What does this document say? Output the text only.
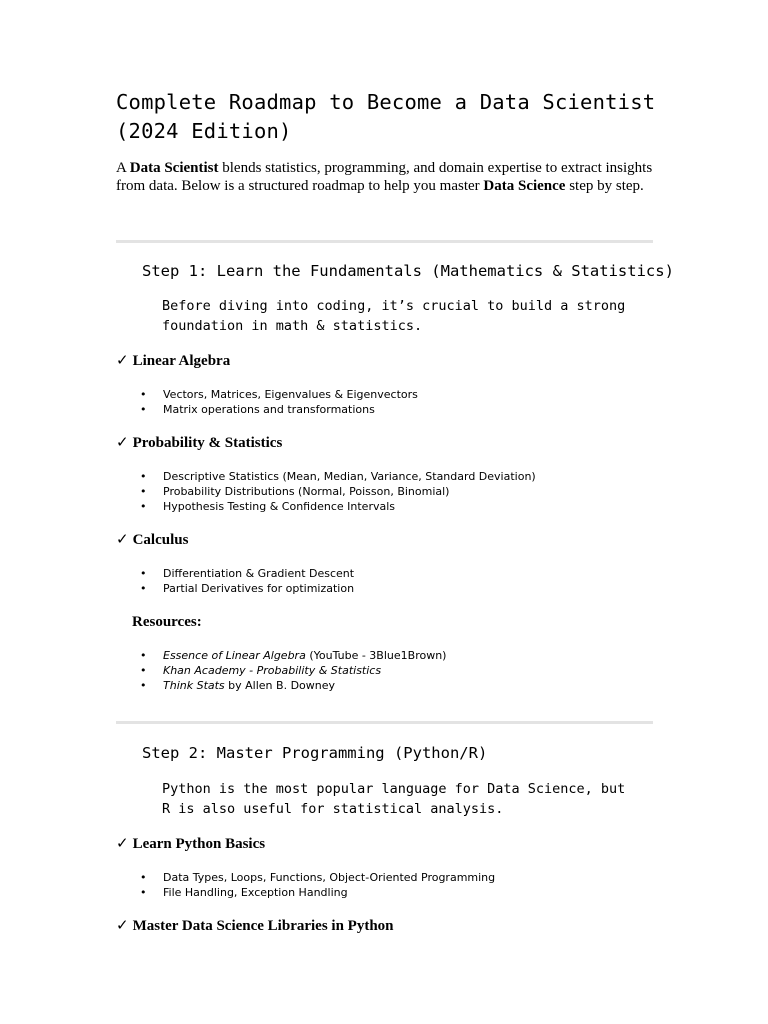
Complete Roadmap to Become a Data Scientist
(2024 Edition)

A Data Scientist blends statistics, programming, and domain expertise to extract insights from data. Below is a structured roadmap to help you master Data Science step by step.

Step 1: Learn the Fundamentals (Mathematics & Statistics)

Before diving into coding, it’s crucial to build a strong foundation in math & statistics.

✓ Linear Algebra
• Vectors, Matrices, Eigenvalues & Eigenvectors
• Matrix operations and transformations
✓ Probability & Statistics
• Descriptive Statistics (Mean, Median, Variance, Standard Deviation)
• Probability Distributions (Normal, Poisson, Binomial)
• Hypothesis Testing & Confidence Intervals
✓ Calculus
• Differentiation & Gradient Descent
• Partial Derivatives for optimization
Resources:
• Essence of Linear Algebra (YouTube - 3Blue1Brown)
• Khan Academy - Probability & Statistics
• Think Stats by Allen B. Downey
Step 2: Master Programming (Python/R)

Python is the most popular language for Data Science, but R is also useful for statistical analysis.

✓ Learn Python Basics
• Data Types, Loops, Functions, Object-Oriented Programming
• File Handling, Exception Handling
✓ Master Data Science Libraries in Python
